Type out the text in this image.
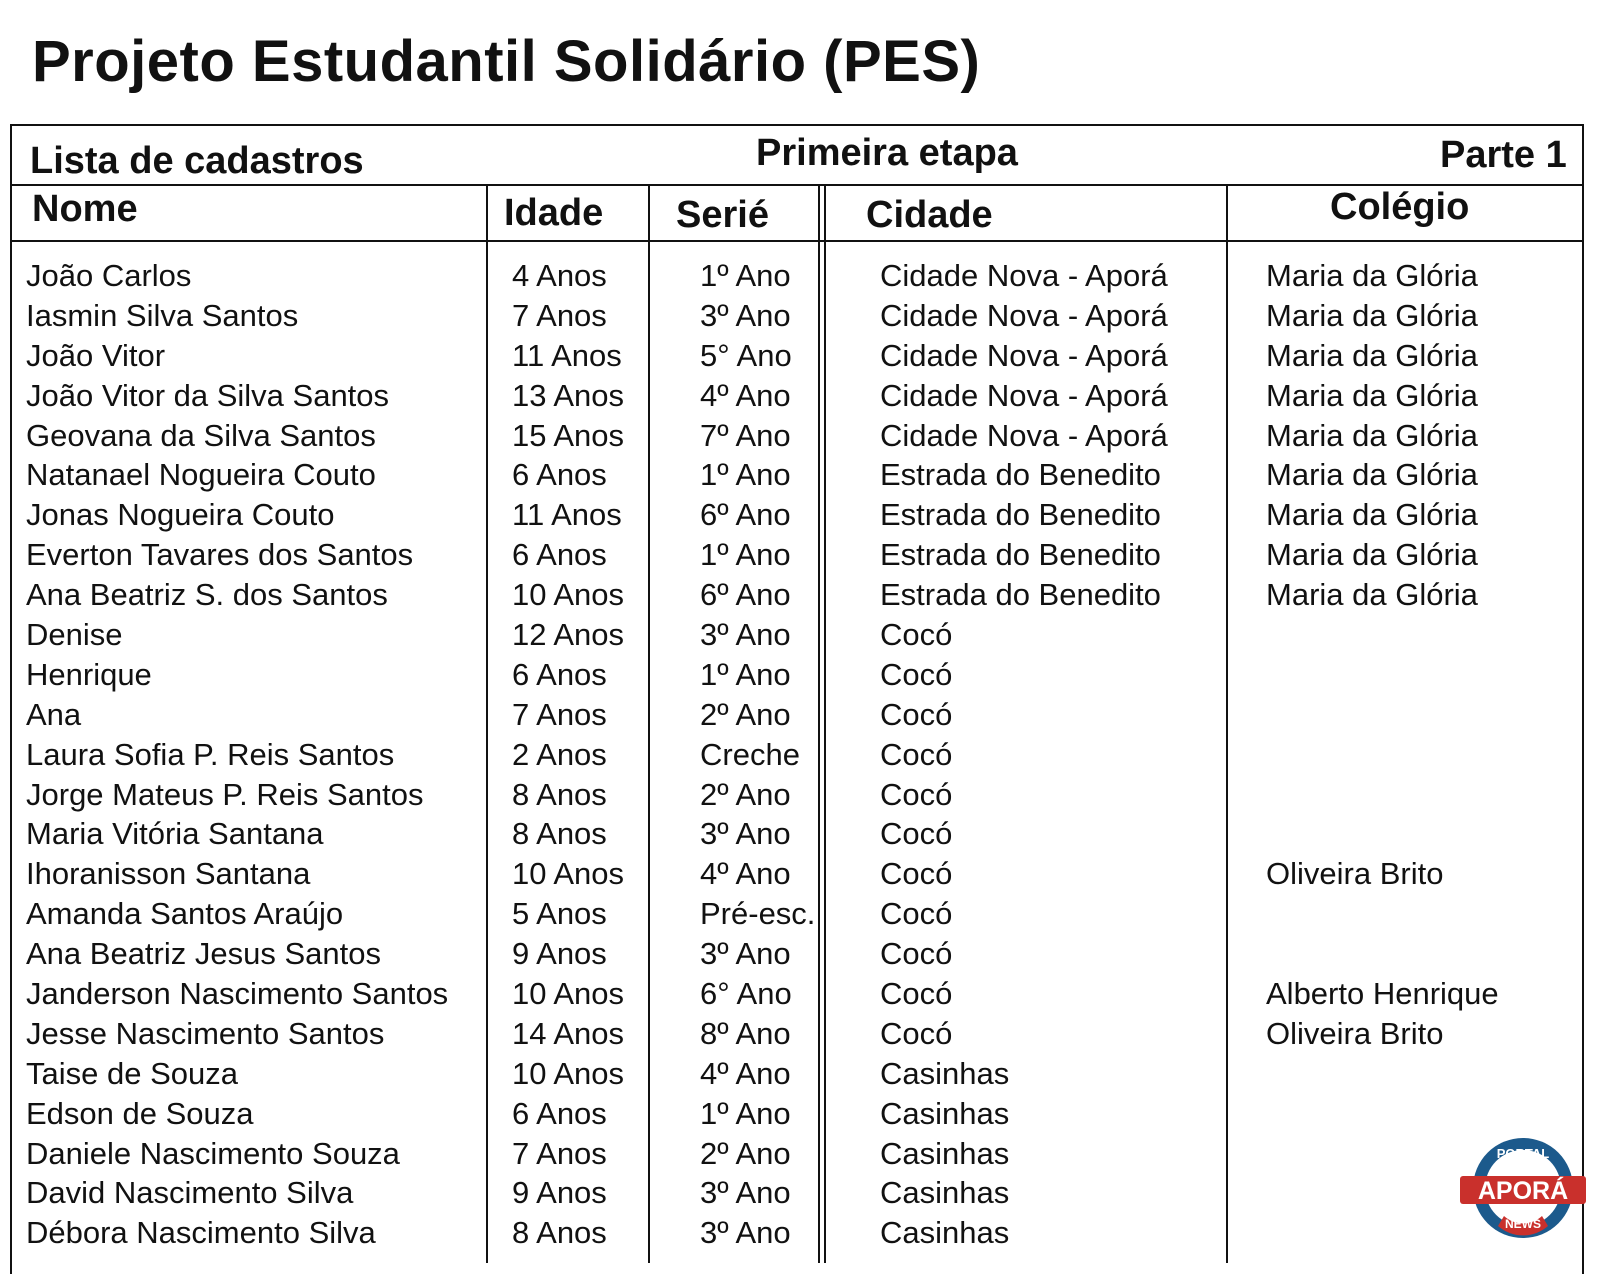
Projeto Estudantil Solidário (PES)
Lista de cadastros	Primeira etapa	Parte 1
Nome	Idade Serié	Cidade	Colégio
João Carlos	4 Anos	1º Ano	Cidade Nova - Aporá	Maria da Glória
Iasmin Silva Santos	7 Anos	3º Ano	Cidade Nova - Aporá	Maria da Glória
João Vitor	11 Anos	5° Ano	Cidade Nova - Aporá	Maria da Glória
João Vitor da Silva Santos	13 Anos 4º Ano	Cidade Nova - Aporá	Maria da Glória
Geovana da Silva Santos	15 Anos 7º Ano	Cidade Nova - Aporá	Maria da Glória
Natanael Nogueira Couto	6 Anos	1º Ano	Estrada do Benedito	Maria da Glória
Jonas Nogueira Couto	11 Anos	6º Ano	Estrada do Benedito	Maria da Glória
Everton Tavares dos Santos	6 Anos	1º Ano	Estrada do Benedito	Maria da Glória
Ana Beatriz S. dos Santos	10 Anos 6º Ano	Estrada do Benedito	Maria da Glória
Denise	12 Anos 3º Ano	Cocó
Henrique	6 Anos	1º Ano	Cocó
Ana	7 Anos	2º Ano	Cocó
Laura Sofia P. Reis Santos	2 Anos	Creche	Cocó
Jorge Mateus P. Reis Santos	8 Anos	2º Ano	Cocó
Maria Vitória Santana	8 Anos	3º Ano	Cocó
Ihoranisson Santana	10 Anos 4º Ano	Cocó	Oliveira Brito
Amanda Santos Araújo	5 Anos	Pré-esc. Cocó
Ana Beatriz Jesus Santos	9 Anos	3º Ano	Cocó
Janderson Nascimento Santos 10 Anos 6° Ano	Cocó	Alberto Henrique
Jesse Nascimento Santos	14 Anos 8º Ano	Cocó	Oliveira Brito
Taise de Souza	10 Anos 4º Ano	Casinhas
Edson de Souza	6 Anos	1º Ano	Casinhas
Daniele Nascimento Souza	7 Anos	2º Ano	Casinhas
David Nascimento Silva	9 Anos	3º Ano	Casinhas
Débora Nascimento Silva	8 Anos	3º Ano	Casinhas
PORTAL
APORÁ
NEWS
